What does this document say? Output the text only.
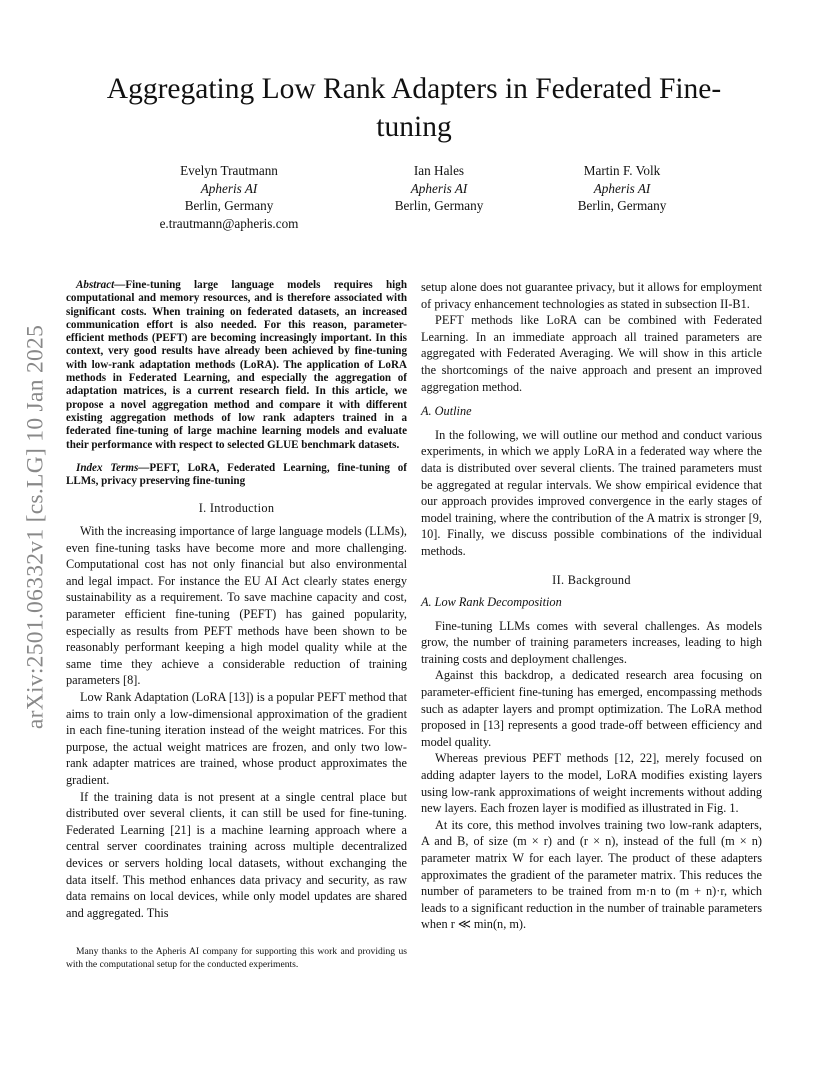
arXiv:2501.06332v1 [cs.LG] 10 Jan 2025
Aggregating Low Rank Adapters in Federated Fine-tuning
Evelyn Trautmann
Apheris AI
Berlin, Germany
e.trautmann@apheris.com
Ian Hales
Apheris AI
Berlin, Germany
Martin F. Volk
Apheris AI
Berlin, Germany

Abstract—Fine-tuning large language models requires high computational and memory resources, and is therefore associated with significant costs. When training on federated datasets, an increased communication effort is also needed. For this reason, parameter-efficient methods (PEFT) are becoming increasingly important. In this context, very good results have already been achieved by fine-tuning with low-rank adaptation methods (LoRA). The application of LoRA methods in Federated Learning, and especially the aggregation of adaptation matrices, is a current research field. In this article, we propose a novel aggregation method and compare it with different existing aggregation methods of low rank adapters trained in a federated fine-tuning of large machine learning models and evaluate their performance with respect to selected GLUE benchmark datasets.

Index Terms—PEFT, LoRA, Federated Learning, fine-tuning of LLMs, privacy preserving fine-tuning

I. Introduction

With the increasing importance of large language models (LLMs), even fine-tuning tasks have become more and more challenging. Computational cost has not only financial but also environmental and legal impact. For instance the EU AI Act clearly states energy sustainability as a requirement. To save machine capacity and cost, parameter efficient fine-tuning (PEFT) has gained popularity, especially as results from PEFT methods have been shown to be reasonably performant keeping a high model quality while at the same time they achieve a considerable reduction of training parameters [8].

Low Rank Adaptation (LoRA [13]) is a popular PEFT method that aims to train only a low-dimensional approximation of the gradient in each fine-tuning iteration instead of the weight matrices. For this purpose, the actual weight matrices are frozen, and only two low-rank adapter matrices are trained, whose product approximates the gradient.

If the training data is not present at a single central place but distributed over several clients, it can still be used for fine-tuning. Federated Learning [21] is a machine learning approach where a central server coordinates training across multiple decentralized devices or servers holding local datasets, without exchanging the data itself. This method enhances data privacy and security, as raw data remains on local devices, while only model updates are shared and aggregated. This

Many thanks to the Apheris AI company for supporting this work and providing us with the computational setup for the conducted experiments.

setup alone does not guarantee privacy, but it allows for employment of privacy enhancement technologies as stated in subsection II-B1.

PEFT methods like LoRA can be combined with Federated Learning. In an immediate approach all trained parameters are aggregated with Federated Averaging. We will show in this article the shortcomings of the naive approach and present an improved aggregation method.

A. Outline

In the following, we will outline our method and conduct various experiments, in which we apply LoRA in a federated way where the data is distributed over several clients. The trained parameters must be aggregated at regular intervals. We show empirical evidence that our approach provides improved convergence in the early stages of model training, where the contribution of the A matrix is stronger [9, 10]. Finally, we discuss possible combinations of the individual methods.

II. Background

A. Low Rank Decomposition

Fine-tuning LLMs comes with several challenges. As models grow, the number of training parameters increases, leading to high training costs and deployment challenges.

Against this backdrop, a dedicated research area focusing on parameter-efficient fine-tuning has emerged, encompassing methods such as adapter layers and prompt optimization. The LoRA method proposed in [13] represents a good trade-off between efficiency and model quality.

Whereas previous PEFT methods [12, 22], merely focused on adding adapter layers to the model, LoRA modifies existing layers using low-rank approximations of weight increments without adding new layers. Each frozen layer is modified as illustrated in Fig. 1.

At its core, this method involves training two low-rank adapters, A and B, of size (m × r) and (r × n), instead of the full (m × n) parameter matrix W for each layer. The product of these adapters approximates the gradient of the parameter matrix. This reduces the number of parameters to be trained from m·n to (m + n)·r, which leads to a significant reduction in the number of trainable parameters when r ≪ min(n, m).
